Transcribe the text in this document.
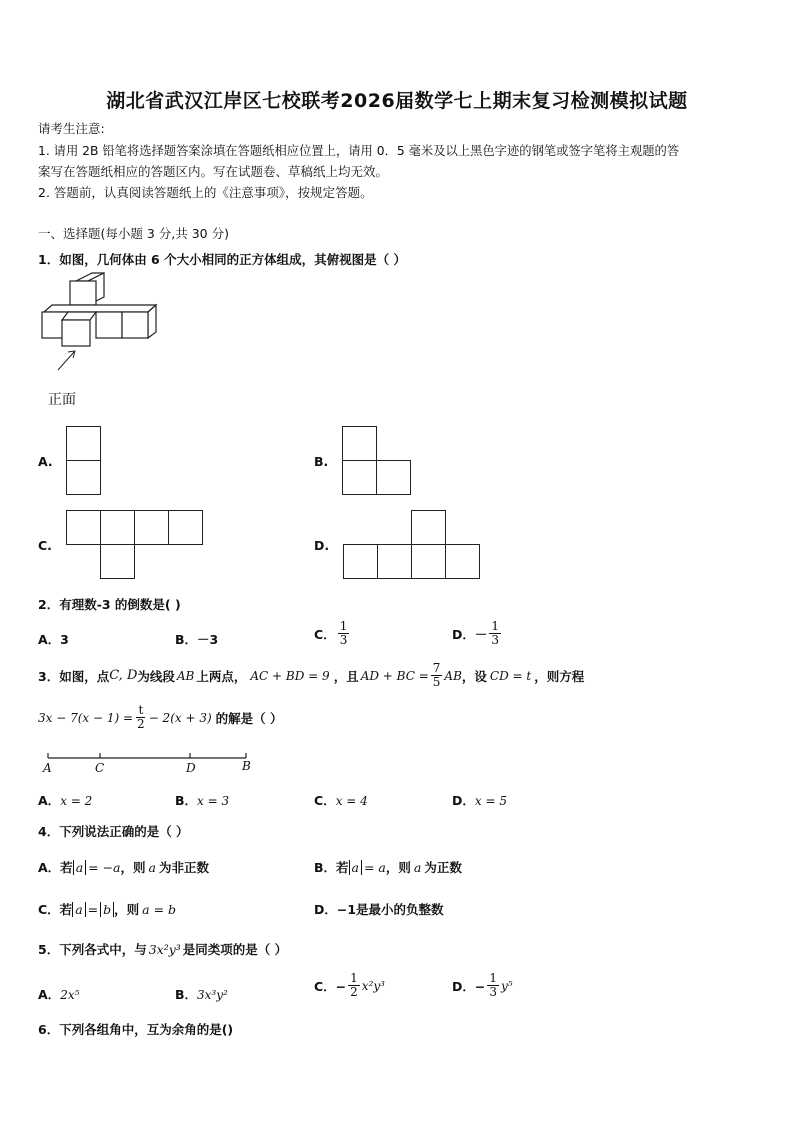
湖北省武汉江岸区七校联考2026届数学七上期末复习检测模拟试题
请考生注意:
1. 请用 2B 铅笔将选择题答案涂填在答题纸相应位置上，请用 0．5 毫米及以上黑色字迹的钢笔或签字笔将主观题的答
案写在答题纸相应的答题区内。写在试题卷、草稿纸上均无效。
2. 答题前，认真阅读答题纸上的《注意事项》，按规定答题。
一、选择题(每小题 3 分,共 30 分)
1．如图，几何体由 6 个大小相同的正方体组成，其俯视图是（ ）
正面
A.	B.
C.	D.
2．有理数-3 的倒数是( )
A．3	B．－3	C． $\frac{1}{3}$	D．－ $\frac{1}{3}$
3．如图，点 C, D 为线段 AB 上两点， AC + BD = 9 ，且 AD + BC = $\frac{7}{5}$ AB ，设 CD = t ，则方程
$3x - 7(x - 1) = \frac{t}{2} - 2(x + 3)$ 的解是（ ）
A	C	D	B
A．x = 2	B．x = 3	C．x = 4	D．x = 5
4．下列说法正确的是（ ）
A．若 a = −a ，则 a 为非正数	B．若 a = a ，则 a 为正数
C．若 a = b ，则 a = b	D．−1是最小的负整数
5．下列各式中，与 3x²y³ 是同类项的是（ ）
A．2x⁵	B．3x³y²
C．− $\frac{1}{2} x^2y^3$	D．− $\frac{1}{3} y^5$
6．下列各组角中，互为余角的是()
